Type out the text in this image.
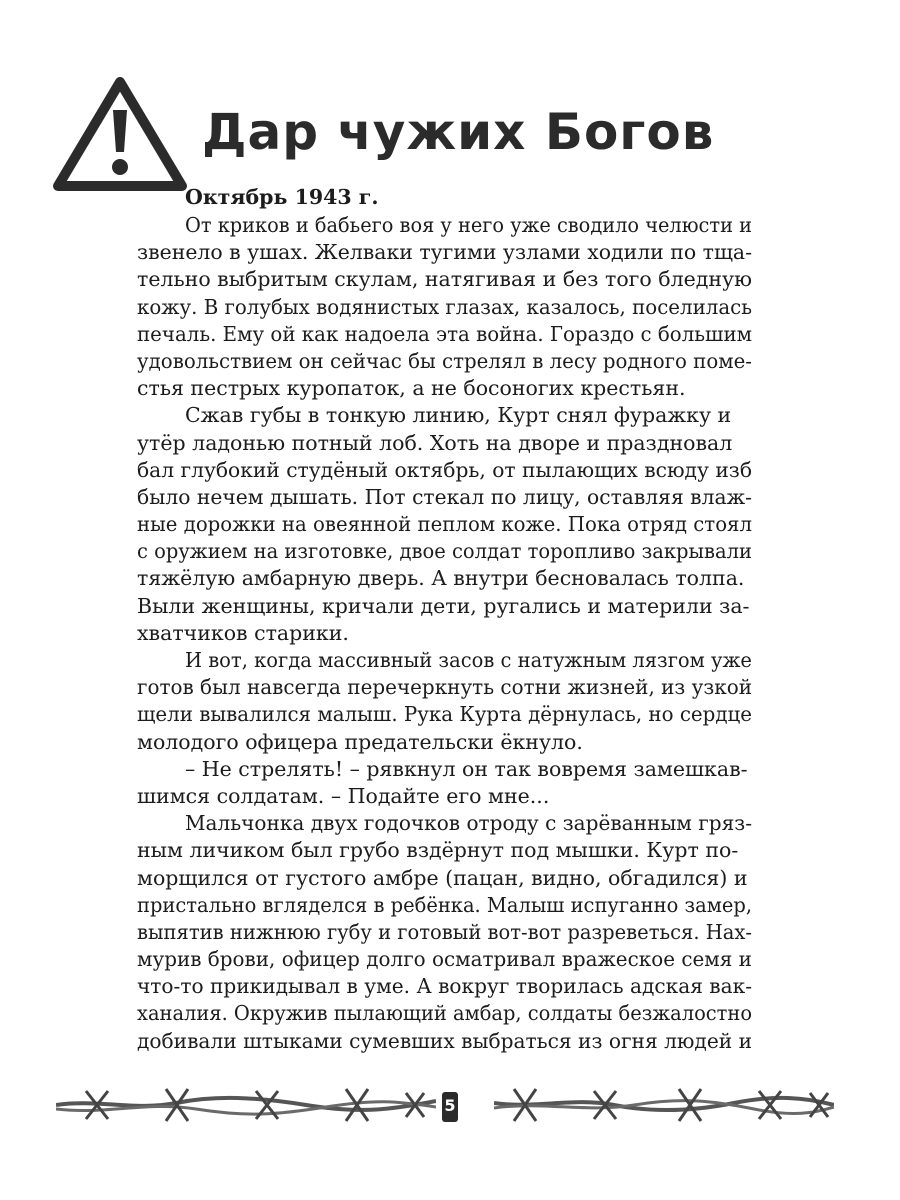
Дар чужих Богов

Октябрь 1943 г.

От криков и бабьего воя у него уже сводило челюсти и

звенело в ушах. Желваки тугими узлами ходили по тща-

тельно выбритым скулам, натягивая и без того бледную

кожу. В голубых водянистых глазах, казалось, поселилась

печаль. Ему ой как надоела эта война. Гораздо с большим

удовольствием он сейчас бы стрелял в лесу родного поме-

стья пестрых куропаток, а не босоногих крестьян.

Сжав губы в тонкую линию, Курт снял фуражку и

утёр ладонью потный лоб. Хоть на дворе и праздновал

бал глубокий студёный октябрь, от пылающих всюду изб

было нечем дышать. Пот стекал по лицу, оставляя влаж-

ные дорожки на овеянной пеплом коже. Пока отряд стоял

с оружием на изготовке, двое солдат торопливо закрывали

тяжёлую амбарную дверь. А внутри бесновалась толпа.

Выли женщины, кричали дети, ругались и материли за-

хватчиков старики.

И вот, когда массивный засов с натужным лязгом уже

готов был навсегда перечеркнуть сотни жизней, из узкой

щели вывалился малыш. Рука Курта дёрнулась, но сердце

молодого офицера предательски ёкнуло.

– Не стрелять! – рявкнул он так вовремя замешкав-

шимся солдатам. – Подайте его мне...

Мальчонка двух годочков отроду с зарёванным гряз-

ным личиком был грубо вздёрнут под мышки. Курт по-

морщился от густого амбре (пацан, видно, обгадился) и

пристально вгляделся в ребёнка. Малыш испуганно замер,

выпятив нижнюю губу и готовый вот-вот разреветься. Нах-

мурив брови, офицер долго осматривал вражеское семя и

что-то прикидывал в уме. А вокруг творилась адская вак-

ханалия. Окружив пылающий амбар, солдаты безжалостно

добивали штыками сумевших выбраться из огня людей и

5
